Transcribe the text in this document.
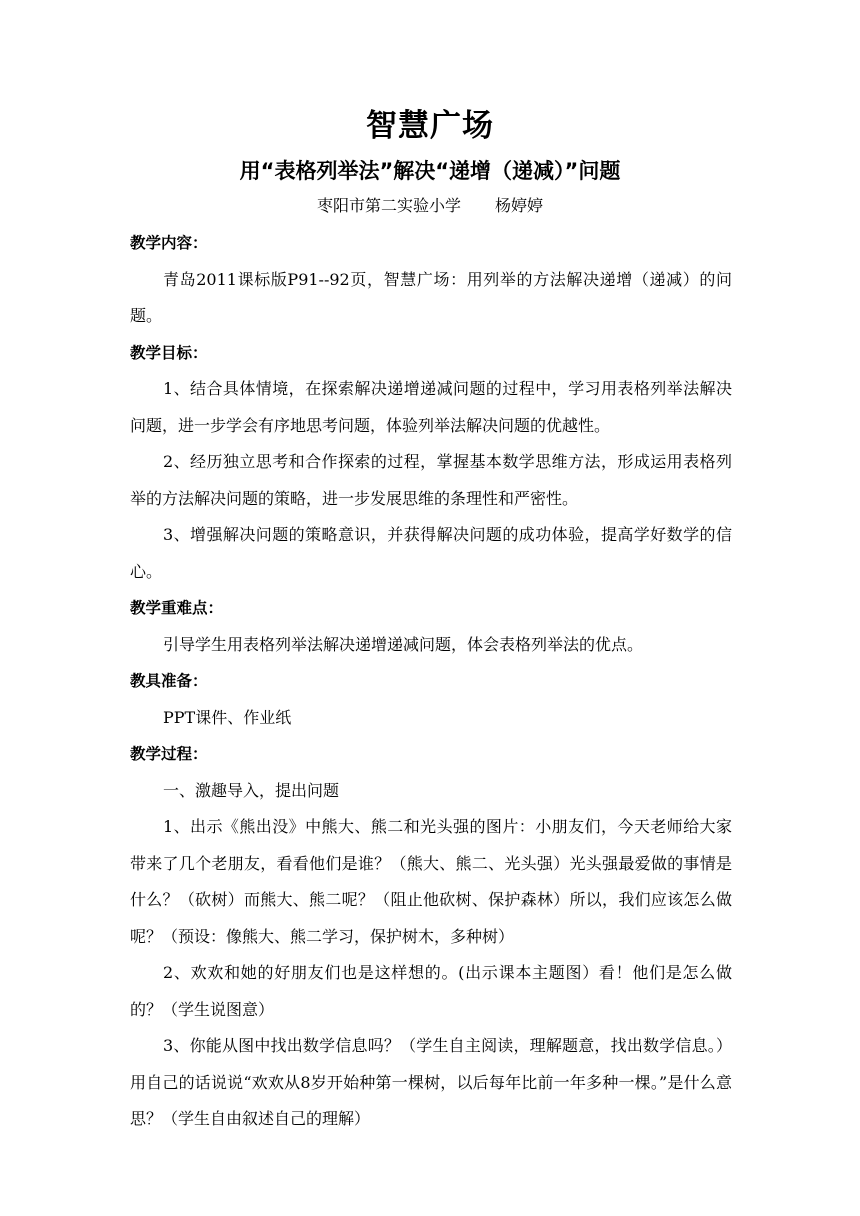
智慧广场
用“表格列举法”解决“递增（递减）”问题
枣阳市第二实验小学 杨婷婷
教学内容：

青岛2011课标版P91--92页，智慧广场：用列举的方法解决递增（递减）的问题。

教学目标：

1、结合具体情境，在探索解决递增递减问题的过程中，学习用表格列举法解决问题，进一步学会有序地思考问题，体验列举法解决问题的优越性。

2、经历独立思考和合作探索的过程，掌握基本数学思维方法，形成运用表格列举的方法解决问题的策略，进一步发展思维的条理性和严密性。

3、增强解决问题的策略意识，并获得解决问题的成功体验，提高学好数学的信心。

教学重难点：

引导学生用表格列举法解决递增递减问题，体会表格列举法的优点。

教具准备：

PPT课件、作业纸

教学过程：

一、激趣导入，提出问题

1、出示《熊出没》中熊大、熊二和光头强的图片：小朋友们，今天老师给大家带来了几个老朋友，看看他们是谁？（熊大、熊二、光头强）光头强最爱做的事情是什么？（砍树）而熊大、熊二呢？（阻止他砍树、保护森林）所以，我们应该怎么做呢？（预设：像熊大、熊二学习，保护树木，多种树）

2、欢欢和她的好朋友们也是这样想的。(出示课本主题图）看！他们是怎么做的？（学生说图意）

3、你能从图中找出数学信息吗？（学生自主阅读，理解题意，找出数学信息。）用自己的话说说“欢欢从8岁开始种第一棵树，以后每年比前一年多种一棵。”是什么意思？（学生自由叙述自己的理解）
